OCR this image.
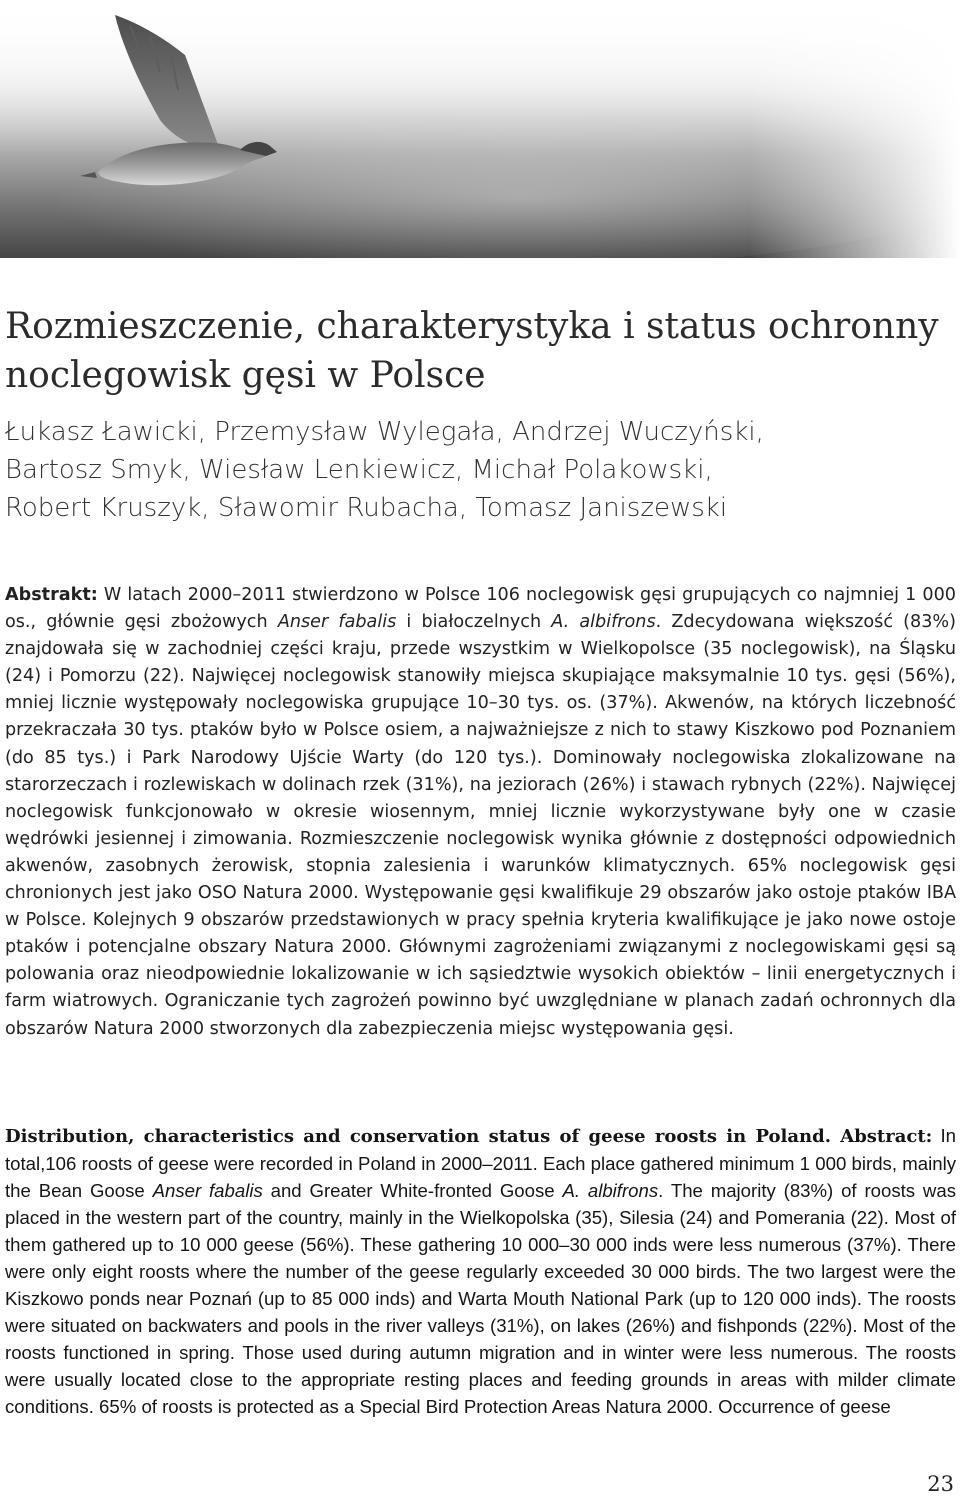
Rozmieszczenie, charakterystyka i status ochronny noclegowisk gęsi w Polsce
Łukasz Ławicki, Przemysław Wylegała, Andrzej Wuczyński,
Bartosz Smyk, Wiesław Lenkiewicz, Michał Polakowski,
Robert Kruszyk, Sławomir Rubacha, Tomasz Janiszewski

Abstrakt: W latach 2000–2011 stwierdzono w Polsce 106 noclegowisk gęsi grupujących co najmniej 1 000 os., głównie gęsi zbożowych Anser fabalis i białoczelnych A. albifrons. Zdecydowana większość (83%) znajdowała się w zachodniej części kraju, przede wszystkim w Wielkopolsce (35 noclegowisk), na Śląsku (24) i Pomorzu (22). Najwięcej noclegowisk stanowiły miejsca skupiające maksymalnie 10 tys. gęsi (56%), mniej licznie występowały noclegowiska grupujące 10–30 tys. os. (37%). Akwenów, na których liczebność przekraczała 30 tys. ptaków było w Polsce osiem, a najważniejsze z nich to stawy Kiszkowo pod Poznaniem (do 85 tys.) i Park Narodowy Ujście Warty (do 120 tys.). Dominowały noclegowiska zlokalizowane na starorzeczach i rozlewiskach w dolinach rzek (31%), na jeziorach (26%) i stawach rybnych (22%). Najwięcej noclegowisk funkcjonowało w okresie wiosennym, mniej licznie wykorzystywane były one w czasie wędrówki jesiennej i zimowania. Rozmieszczenie noclegowisk wynika głównie z dostępności odpowiednich akwenów, zasobnych żerowisk, stopnia zalesienia i warunków klimatycznych. 65% noclegowisk gęsi chronionych jest jako OSO Natura 2000. Występowanie gęsi kwalifikuje 29 obszarów jako ostoje ptaków IBA w Polsce. Kolejnych 9 obszarów przedstawionych w pracy spełnia kryteria kwalifikujące je jako nowe ostoje ptaków i potencjalne obszary Natura 2000. Głównymi zagrożeniami związanymi z noclegowiskami gęsi są polowania oraz nieodpowiednie lokalizowanie w ich sąsiedztwie wysokich obiektów – linii energetycznych i farm wiatrowych. Ograniczanie tych zagrożeń powinno być uwzględniane w planach zadań ochronnych dla obszarów Natura 2000 stworzonych dla zabezpieczenia miejsc występowania gęsi.

Distribution, characteristics and conservation status of geese roosts in Poland. Abstract: In total,106 roosts of geese were recorded in Poland in 2000–2011. Each place gathered minimum 1 000 birds, mainly the Bean Goose Anser fabalis and Greater White-fronted Goose A. albifrons. The majority (83%) of roosts was placed in the western part of the country, mainly in the Wielkopolska (35), Silesia (24) and Pomerania (22). Most of them gathered up to 10 000 geese (56%). These gathering 10 000–30 000 inds were less numerous (37%). There were only eight roosts where the number of the geese regularly exceeded 30 000 birds. The two largest were the Kiszkowo ponds near Poznań (up to 85 000 inds) and Warta Mouth National Park (up to 120 000 inds). The roosts were situated on backwaters and pools in the river valleys (31%), on lakes (26%) and fishponds (22%). Most of the roosts functioned in spring. Those used during autumn migration and in winter were less numerous. The roosts were usually located close to the appropriate resting places and feeding grounds in areas with milder climate conditions. 65% of roosts is protected as a Special Bird Protection Areas Natura 2000. Occurrence of geese

23
